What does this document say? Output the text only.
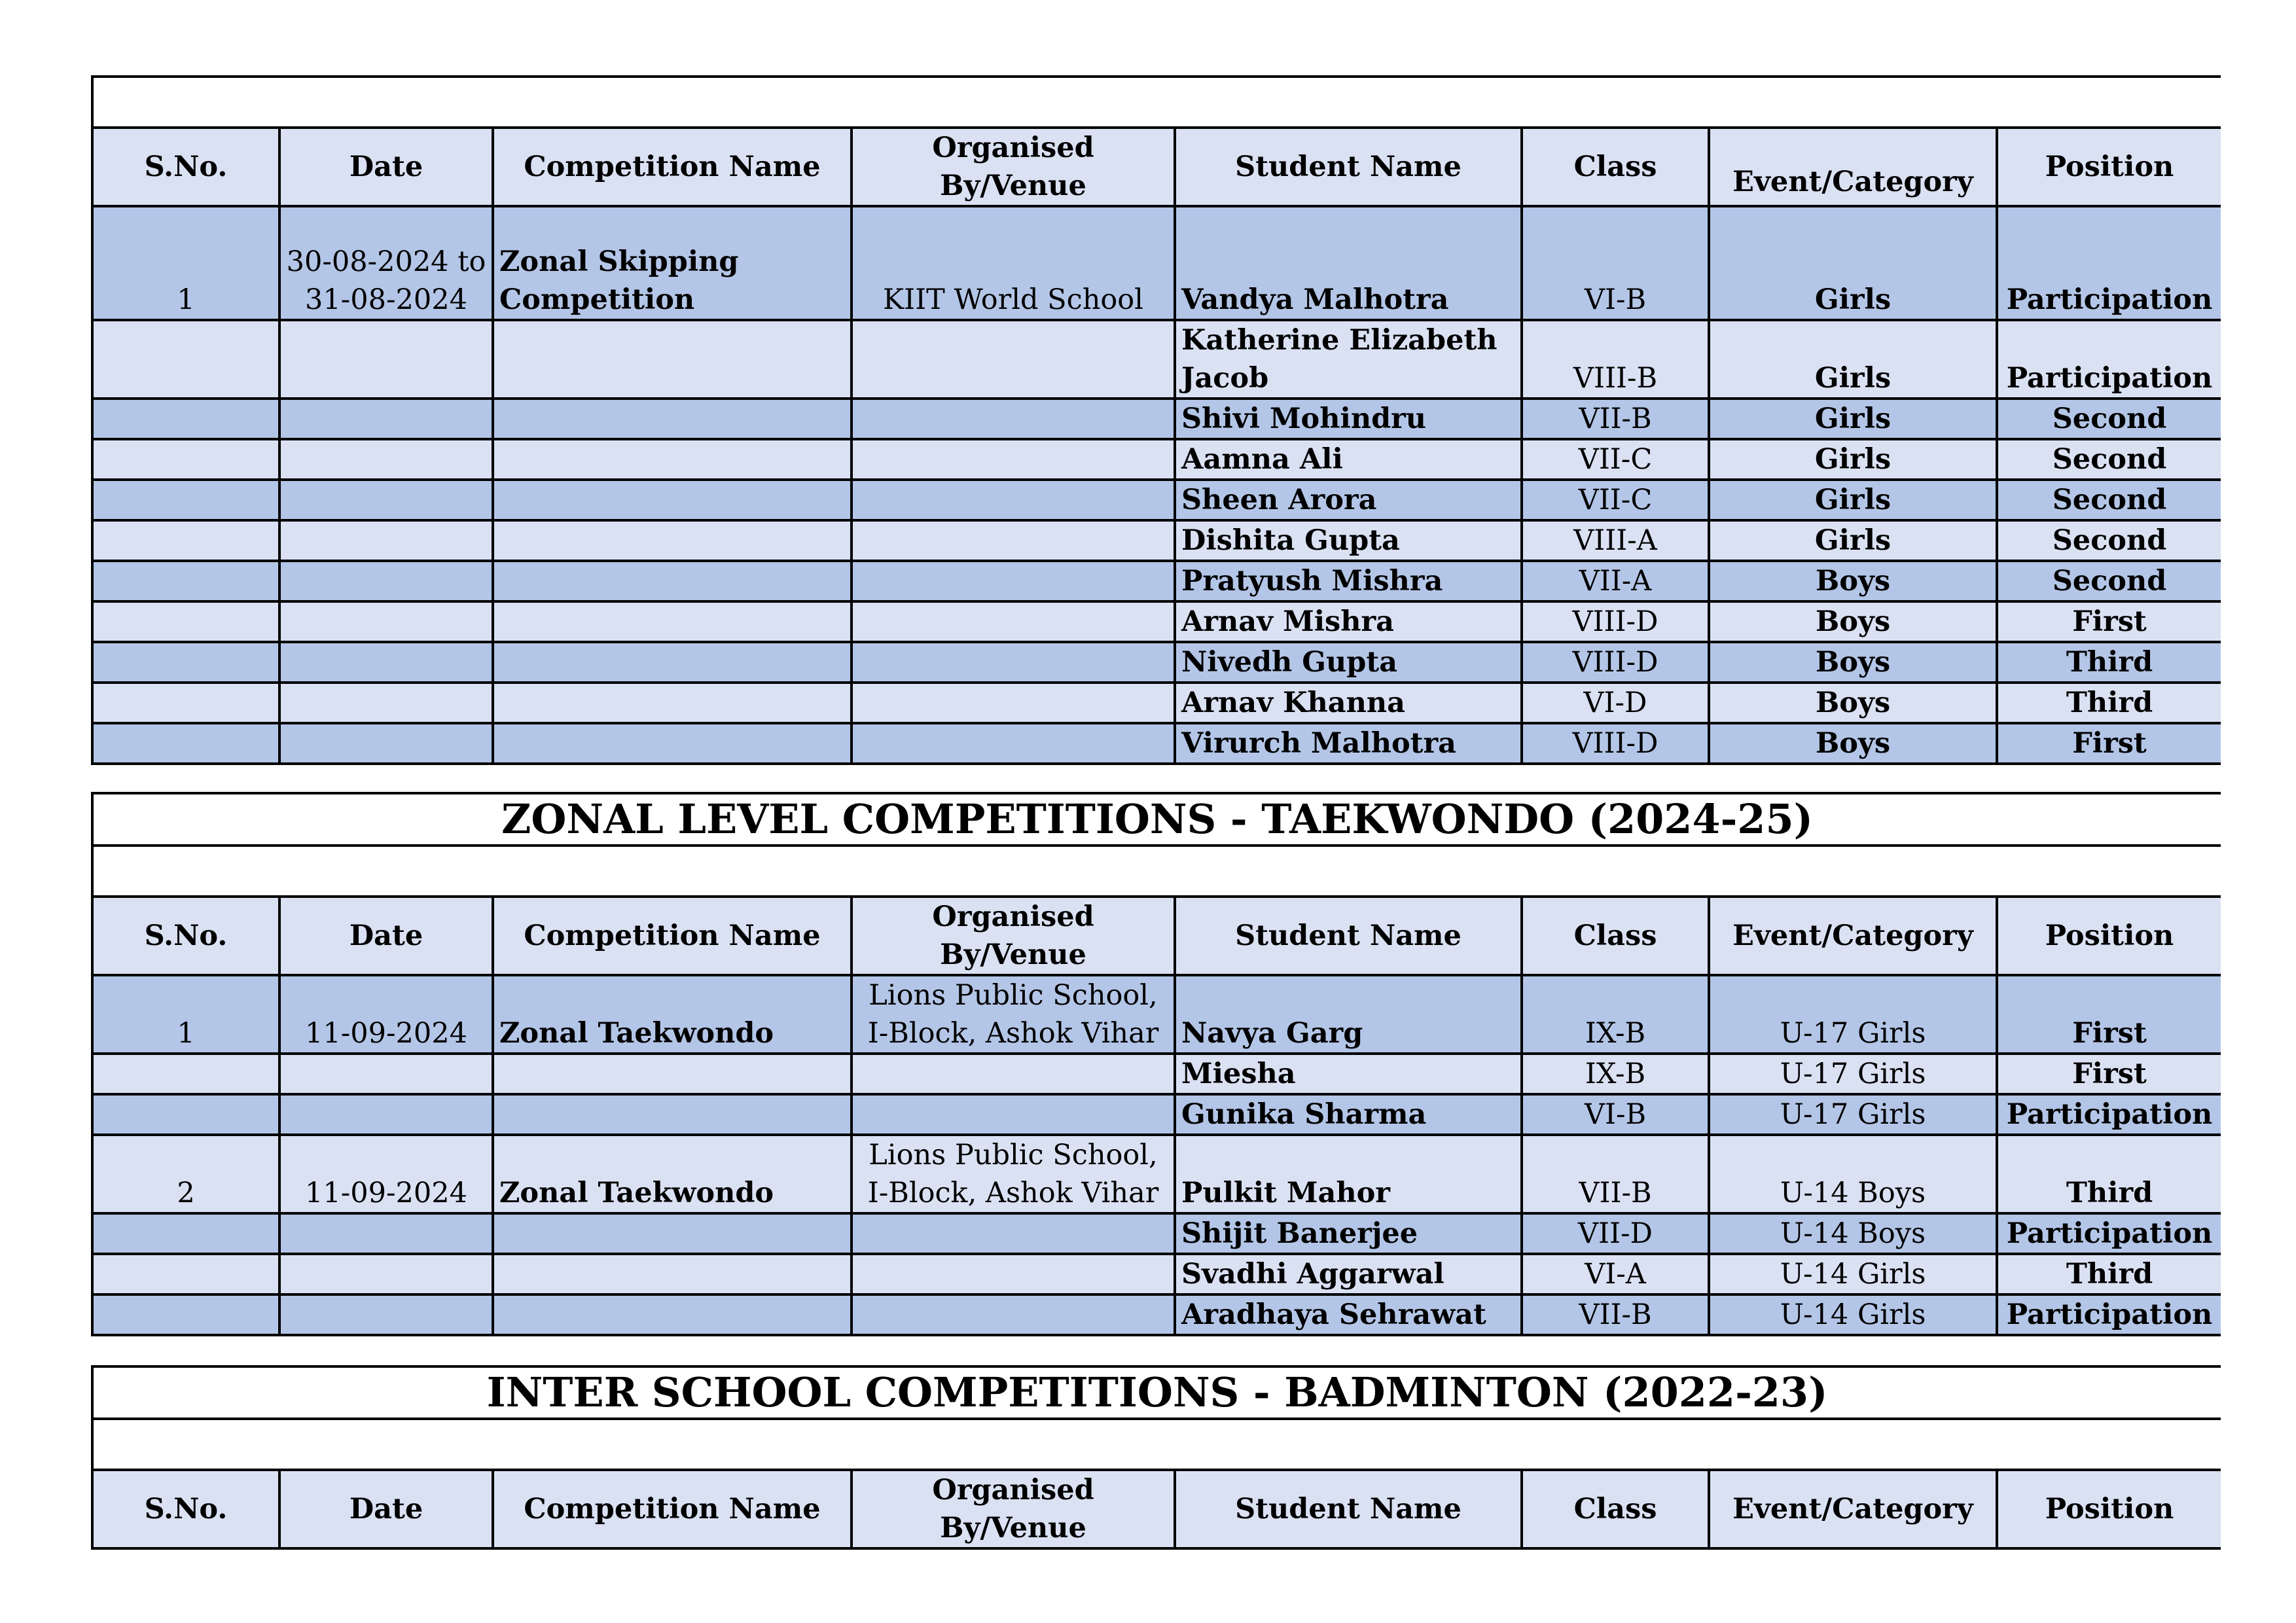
S.No.	Date	Competition Name	Organised By/Venue	Student Name	Class	Event/Category	Position
1	30-08-2024 to 31-08-2024	Zonal Skipping Competition	KIIT World School	Vandya Malhotra	VI-B	Girls	Participation
				Katherine Elizabeth Jacob	VIII-B	Girls	Participation
				Shivi Mohindru	VII-B	Girls	Second
				Aamna Ali	VII-C	Girls	Second
				Sheen Arora	VII-C	Girls	Second
				Dishita Gupta	VIII-A	Girls	Second
				Pratyush Mishra	VII-A	Boys	Second
				Arnav Mishra	VIII-D	Boys	First
				Nivedh Gupta	VIII-D	Boys	Third
				Arnav Khanna	VI-D	Boys	Third
				Virurch Malhotra	VIII-D	Boys	First
ZONAL LEVEL COMPETITIONS - TAEKWONDO (2024-25)							

S.No.	Date	Competition Name	Organised By/Venue	Student Name	Class	Event/Category	Position
1	11-09-2024	Zonal Taekwondo	Lions Public School, I-Block, Ashok Vihar	Navya Garg	IX-B	U-17 Girls	First
				Miesha	IX-B	U-17 Girls	First
				Gunika Sharma	VI-B	U-17 Girls	Participation
2	11-09-2024	Zonal Taekwondo	Lions Public School, I-Block, Ashok Vihar	Pulkit Mahor	VII-B	U-14 Boys	Third
				Shijit Banerjee	VII-D	U-14 Boys	Participation
				Svadhi Aggarwal	VI-A	U-14 Girls	Third
				Aradhaya Sehrawat	VII-B	U-14 Girls	Participation
INTER SCHOOL COMPETITIONS - BADMINTON (2022-23)

S.No.	Date	Competition Name	Organised By/Venue	Student Name	Class	Event/Category	Position
